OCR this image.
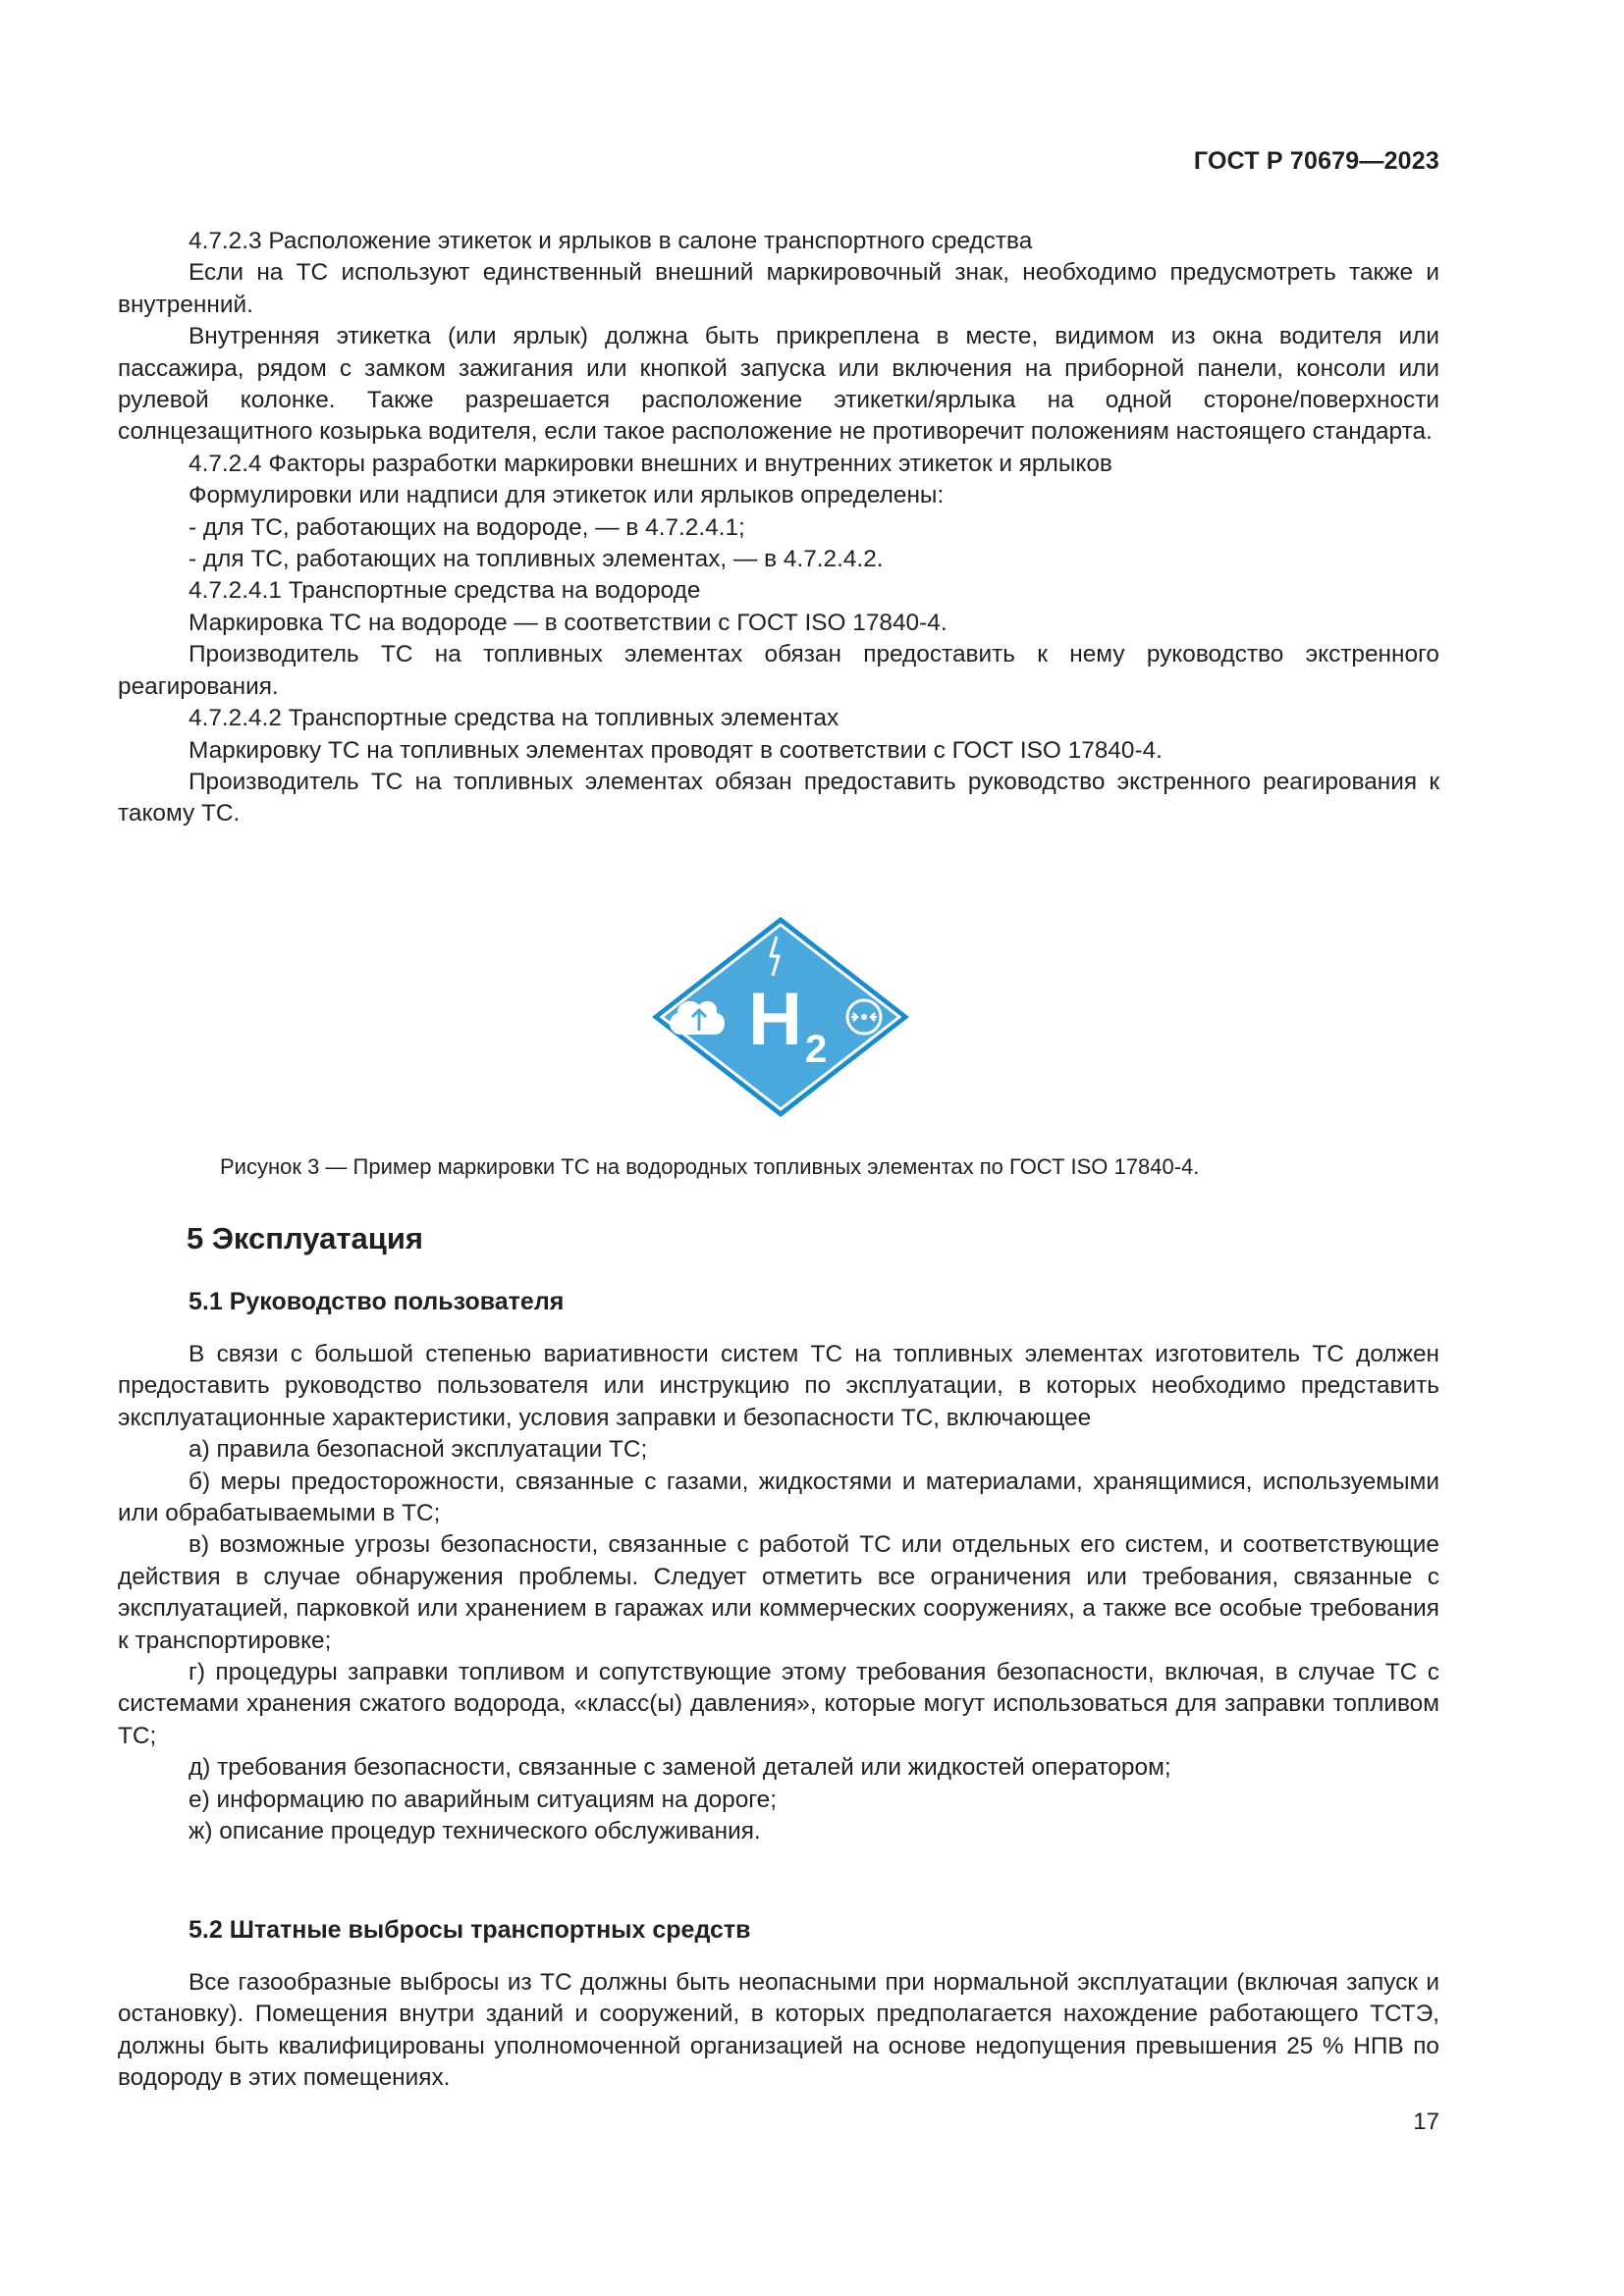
ГОСТ Р 70679—2023

4.7.2.3 Расположение этикеток и ярлыков в салоне транспортного средства

Если на ТС используют единственный внешний маркировочный знак, необходимо предусмотреть также и внутренний.

Внутренняя этикетка (или ярлык) должна быть прикреплена в месте, видимом из окна водителя или пассажира, рядом с замком зажигания или кнопкой запуска или включения на приборной панели, консоли или рулевой колонке. Также разрешается расположение этикетки/ярлыка на одной стороне/поверхности солнцезащитного козырька водителя, если такое расположение не противоречит положениям настоящего стандарта.

4.7.2.4 Факторы разработки маркировки внешних и внутренних этикеток и ярлыков

Формулировки или надписи для этикеток или ярлыков определены:

- для ТС, работающих на водороде, — в 4.7.2.4.1;

- для ТС, работающих на топливных элементах, — в 4.7.2.4.2.

4.7.2.4.1 Транспортные средства на водороде

Маркировка ТС на водороде — в соответствии с ГОСТ ISO 17840-4.

Производитель ТС на топливных элементах обязан предоставить к нему руководство экстренного реагирования.

4.7.2.4.2 Транспортные средства на топливных элементах

Маркировку ТС на топливных элементах проводят в соответствии с ГОСТ ISO 17840-4.

Производитель ТС на топливных элементах обязан предоставить руководство экстренного реагирования к такому ТС.

H 2
Рисунок 3 — Пример маркировки ТС на водородных топливных элементах по ГОСТ ISO 17840-4.
5 Эксплуатация
5.1 Руководство пользователя

В связи с большой степенью вариативности систем ТС на топливных элементах изготовитель ТС должен предоставить руководство пользователя или инструкцию по эксплуатации, в которых необходимо представить эксплуатационные характеристики, условия заправки и безопасности ТС, включающее

а) правила безопасной эксплуатации ТС;

б) меры предосторожности, связанные с газами, жидкостями и материалами, хранящимися, используемыми или обрабатываемыми в ТС;

в) возможные угрозы безопасности, связанные с работой ТС или отдельных его систем, и соответствующие действия в случае обнаружения проблемы. Следует отметить все ограничения или требования, связанные с эксплуатацией, парковкой или хранением в гаражах или коммерческих сооружениях, а также все особые требования к транспортировке;

г) процедуры заправки топливом и сопутствующие этому требования безопасности, включая, в случае ТС с системами хранения сжатого водорода, «класс(ы) давления», которые могут использоваться для заправки топливом ТС;

д) требования безопасности, связанные с заменой деталей или жидкостей оператором;

е) информацию по аварийным ситуациям на дороге;

ж) описание процедур технического обслуживания.

5.2 Штатные выбросы транспортных средств

Все газообразные выбросы из ТС должны быть неопасными при нормальной эксплуатации (включая запуск и остановку). Помещения внутри зданий и сооружений, в которых предполагается нахождение работающего ТСТЭ, должны быть квалифицированы уполномоченной организацией на основе недопущения превышения 25 % НПВ по водороду в этих помещениях.

17
